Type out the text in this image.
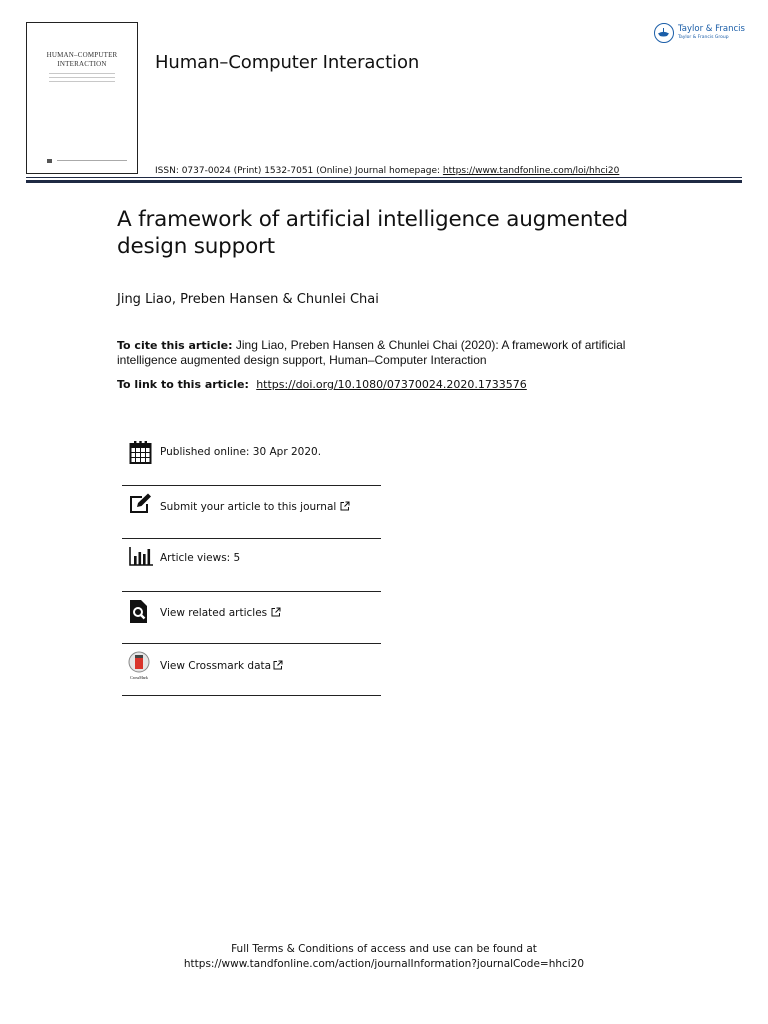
HUMAN–COMPUTER
INTERACTION	Human–Computer Interaction
ISSN: 0737-0024 (Print) 1532-7051 (Online) Journal homepage: https://www.tandfonline.com/loi/hhci20
Taylor & Francis
Taylor & Francis Group
A framework of artificial intelligence augmented design support
Jing Liao, Preben Hansen & Chunlei Chai
To cite this article: Jing Liao, Preben Hansen & Chunlei Chai (2020): A framework of artificial intelligence augmented design support, Human–Computer Interaction
To link to this article: https://doi.org/10.1080/07370024.2020.1733576
Published online: 30 Apr 2020.
Submit your article to this journal
Article views: 5
View related articles
CrossMark
View Crossmark data
Full Terms & Conditions of access and use can be found at
https://www.tandfonline.com/action/journalInformation?journalCode=hhci20
